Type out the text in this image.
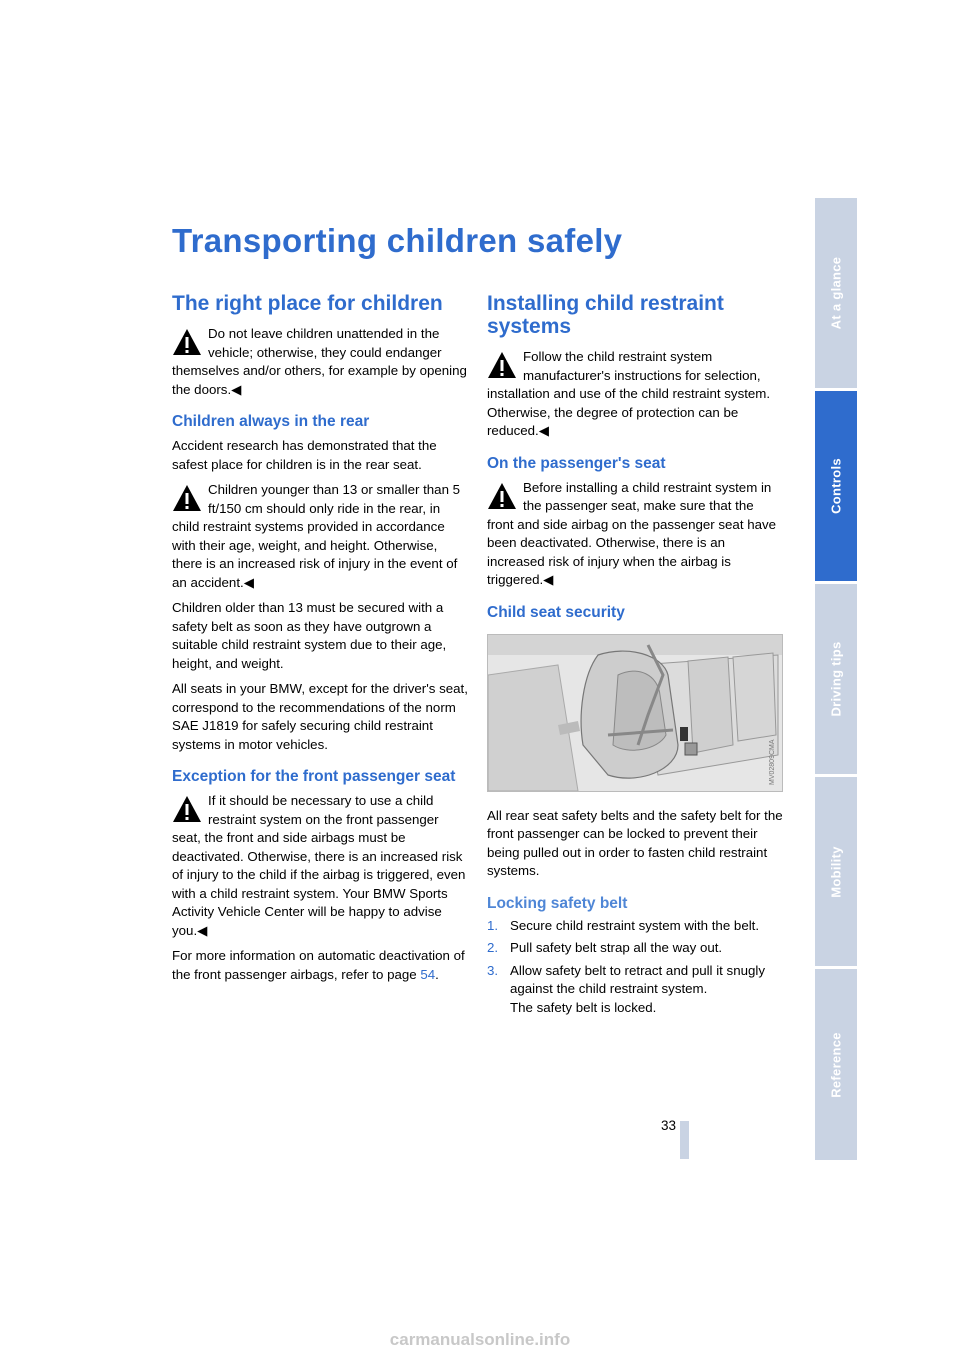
Transporting children safely
The right place for children
Do not leave children unattended in the vehicle; otherwise, they could endanger themselves and/or others, for example by opening the doors.◀
Children always in the rear

Accident research has demonstrated that the safest place for children is in the rear seat.

Children younger than 13 or smaller than 5 ft/150 cm should only ride in the rear, in child restraint systems provided in accordance with their age, weight, and height. Otherwise, there is an increased risk of injury in the event of an accident.◀

Children older than 13 must be secured with a safety belt as soon as they have outgrown a suitable child restraint system due to their age, height, and weight.

All seats in your BMW, except for the driver's seat, correspond to the recommendations of the norm SAE J1819 for safely securing child restraint systems in motor vehicles.

Exception for the front passenger seat
If it should be necessary to use a child restraint system on the front passenger seat, the front and side airbags must be deactivated. Otherwise, there is an increased risk of injury to the child if the airbag is triggered, even with a child restraint system. Your BMW Sports Activity Vehicle Center will be happy to advise you.◀

For more information on automatic deactivation of the front passenger airbags, refer to page 54.

Installing child restraint systems
Follow the child restraint system manufacturer's instructions for selection, installation and use of the child restraint system. Otherwise, the degree of protection can be reduced.◀
On the passenger's seat
Before installing a child restraint system in the passenger seat, make sure that the front and side airbag on the passenger seat have been deactivated. Otherwise, there is an increased risk of injury when the airbag is triggered.◀
Child seat security
MV02809CMA

All rear seat safety belts and the safety belt for the front passenger can be locked to prevent their being pulled out in order to fasten child restraint systems.

Locking safety belt
1. Secure child restraint system with the belt.
2. Pull safety belt strap all the way out.
3. Allow safety belt to retract and pull it snugly against the child restraint system.
The safety belt is locked.
At a glance
Controls
Driving tips
Mobility
Reference
33
carmanualsonline.info
